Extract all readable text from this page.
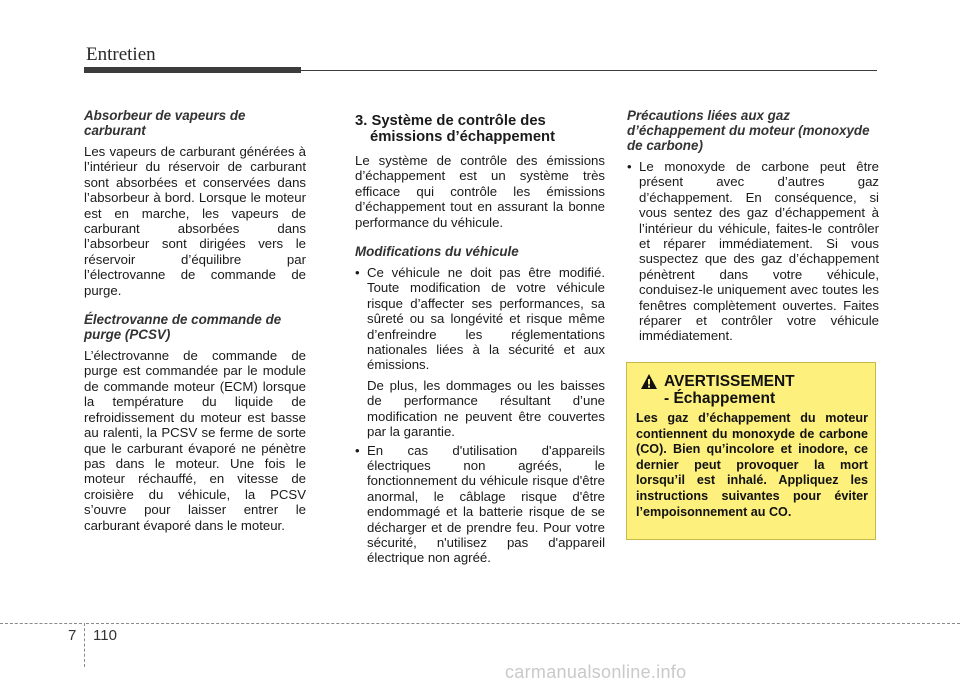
Entretien
Absorbeur de vapeurs de carburant
Les vapeurs de carburant générées à l’intérieur du réservoir de carburant sont absorbées et conservées dans l’absorbeur à bord. Lorsque le moteur est en marche, les vapeurs de carburant absorbées dans l’absorbeur sont dirigées vers le réservoir d’équilibre par l’électrovanne de commande de purge.
Électrovanne de commande de purge (PCSV)
L’électrovanne de commande de purge est commandée par le module de commande moteur (ECM) lorsque la température du liquide de refroidissement du moteur est basse au ralenti, la PCSV se ferme de sorte que le carburant évaporé ne pénètre pas dans le moteur. Une fois le moteur réchauffé, en vitesse de croisière du véhicule, la PCSV s’ouvre pour laisser entrer le carburant évaporé dans le moteur.
3. Système de contrôle des
émissions d’échappement
Le système de contrôle des émissions d’échappement est un système très efficace qui contrôle les émissions d’échappement tout en assurant la bonne performance du véhicule.
Modifications du véhicule
• Ce véhicule ne doit pas être modifié. Toute modification de votre véhicule risque d’affecter ses performances, sa sûreté ou sa longévité et risque même d’enfreindre les réglementations nationales liées à la sécurité et aux émissions.
De plus, les dommages ou les baisses de performance résultant d’une modification ne peuvent être couvertes par la garantie.
• En cas d'utilisation d'appareils électriques non agréés, le fonctionnement du véhicule risque d'être anormal, le câblage risque d'être endommagé et la batterie risque de se décharger et de prendre feu. Pour votre sécurité, n'utilisez pas d'appareil électrique non agréé.
Précautions liées aux gaz d’échappement du moteur (monoxyde de carbone)
• Le monoxyde de carbone peut être présent avec d’autres gaz d’échappement. En conséquence, si vous sentez des gaz d’échappement à l’intérieur du véhicule, faites-le contrôler et réparer immédiatement. Si vous suspectez que des gaz d’échappement pénètrent dans votre véhicule, conduisez-le uniquement avec toutes les fenêtres complètement ouvertes. Faites réparer et contrôler votre véhicule immédiatement.
AVERTISSEMENT
- Échappement
Les gaz d’échappement du moteur contiennent du monoxyde de carbone (CO). Bien qu’incolore et inodore, ce dernier peut provoquer la mort lorsqu’il est inhalé. Appliquez les instructions suivantes pour éviter l’empoisonnement au CO.
7 110
carmanualsonline.info
